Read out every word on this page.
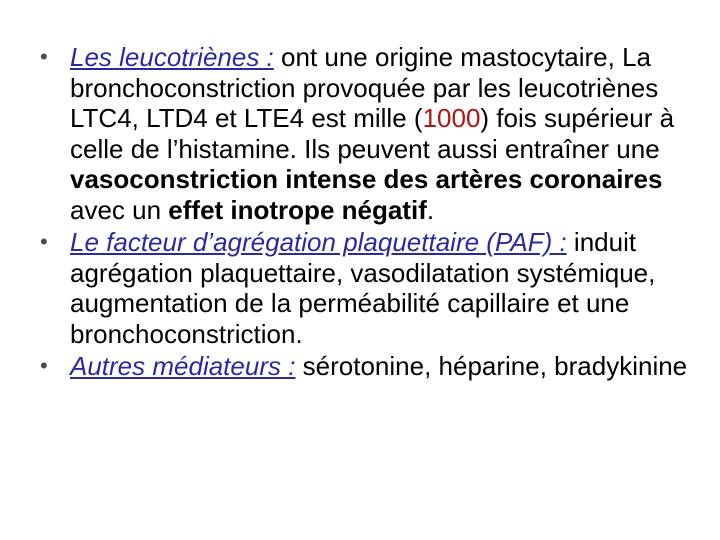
• Les leucotriènes : ont une origine mastocytaire, La bronchoconstriction provoquée par les leucotriènes LTC4, LTD4 et LTE4 est mille (1000) fois supérieur à celle de l’histamine. Ils peuvent aussi entraîner une vasoconstriction intense des artères coronaires avec un effet inotrope négatif.
• Le facteur d’agrégation plaquettaire (PAF) : induit agrégation plaquettaire, vasodilatation systémique, augmentation de la perméabilité capillaire et une bronchoconstriction.
• Autres médiateurs : sérotonine, héparine, bradykinine
